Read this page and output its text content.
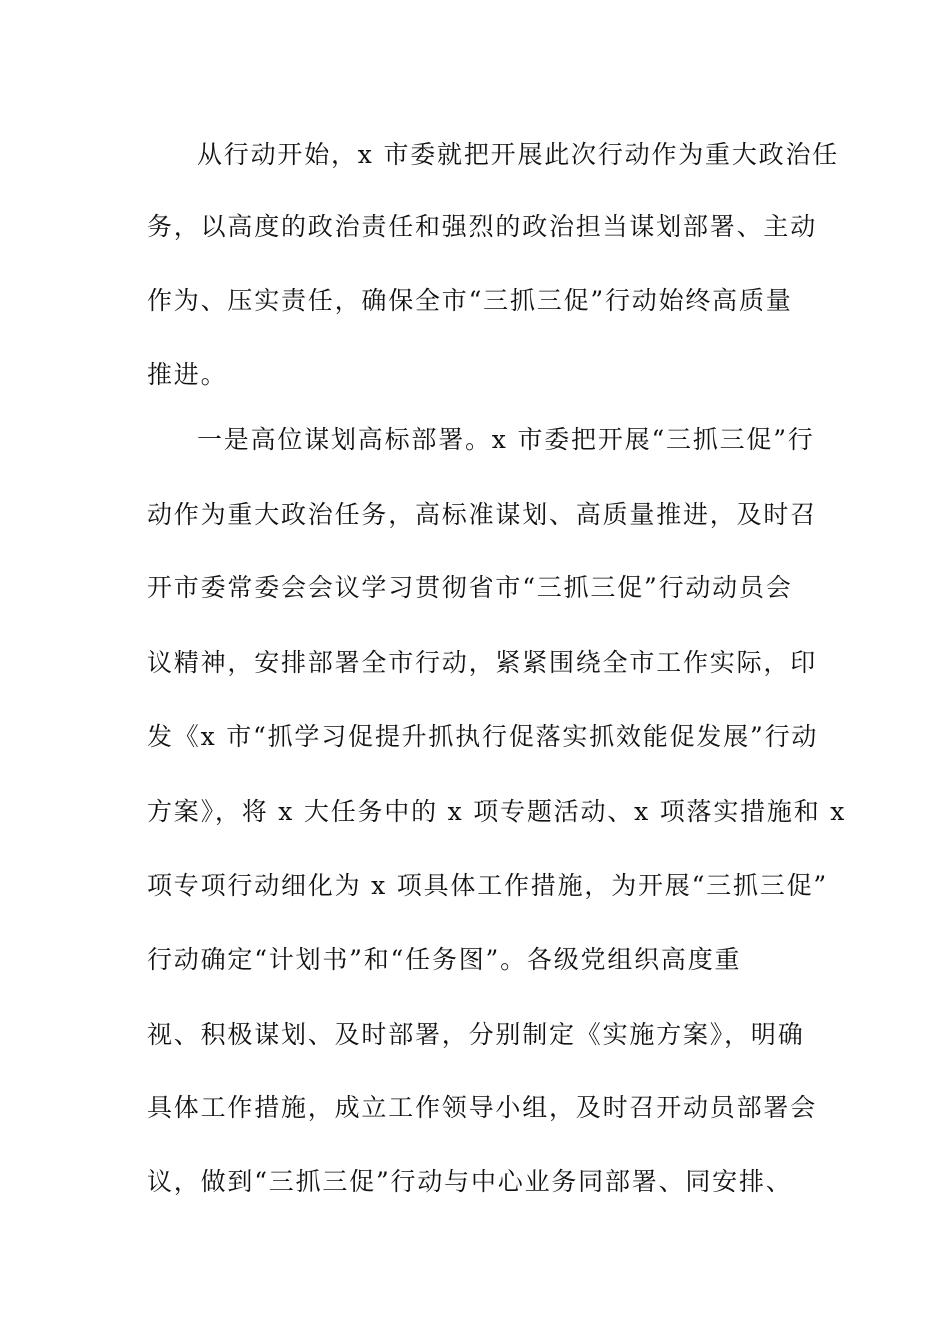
从行动开始，x 市委就把开展此次行动作为重大政治任
务，以高度的政治责任和强烈的政治担当谋划部署、主动
作为、压实责任，确保全市“三抓三促”行动始终高质量
推进。
一是高位谋划高标部署。x 市委把开展“三抓三促”行
动作为重大政治任务，高标准谋划、高质量推进，及时召
开市委常委会会议学习贯彻省市“三抓三促”行动动员会
议精神，安排部署全市行动，紧紧围绕全市工作实际，印
发《x 市“抓学习促提升抓执行促落实抓效能促发展”行动
方案》，将 x 大任务中的 x 项专题活动、x 项落实措施和 x
项专项行动细化为 x 项具体工作措施，为开展“三抓三促”
行动确定“计划书”和“任务图”。各级党组织高度重
视、积极谋划、及时部署，分别制定《实施方案》，明确
具体工作措施，成立工作领导小组，及时召开动员部署会
议，做到“三抓三促”行动与中心业务同部署、同安排、
